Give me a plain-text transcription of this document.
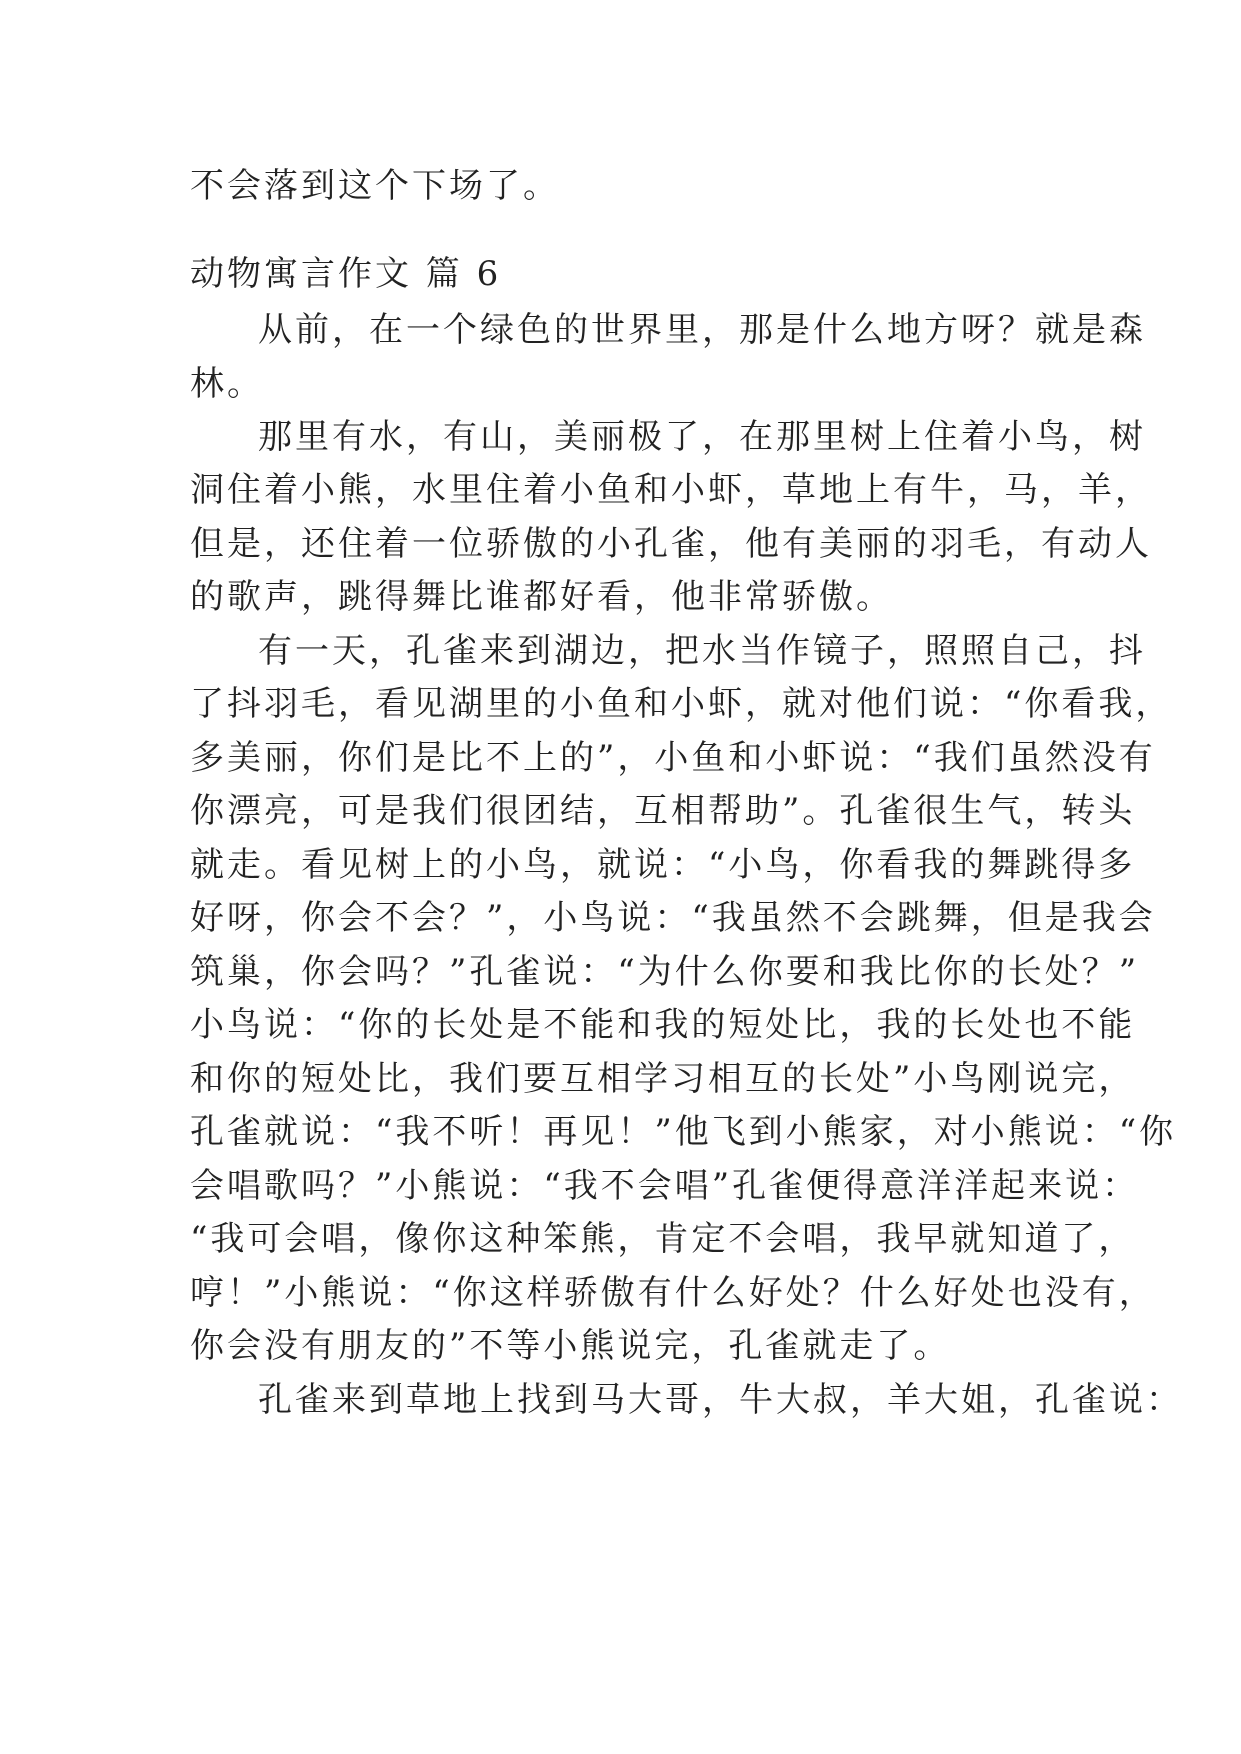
不会落到这个下场了。
动物寓言作文 篇 6
从前，在一个绿色的世界里，那是什么地方呀？就是森
林。
那里有水，有山，美丽极了，在那里树上住着小鸟，树
洞住着小熊，水里住着小鱼和小虾，草地上有牛，马，羊，
但是，还住着一位骄傲的小孔雀，他有美丽的羽毛，有动人
的歌声，跳得舞比谁都好看，他非常骄傲。
有一天，孔雀来到湖边，把水当作镜子，照照自己，抖
了抖羽毛，看见湖里的小鱼和小虾，就对他们说：“你看我，
多美丽，你们是比不上的”，小鱼和小虾说：“我们虽然没有
你漂亮，可是我们很团结，互相帮助”。孔雀很生气，转头
就走。看见树上的小鸟，就说：“小鸟，你看我的舞跳得多
好呀，你会不会？”，小鸟说：“我虽然不会跳舞，但是我会
筑巢，你会吗？”孔雀说：“为什么你要和我比你的长处？”
小鸟说：“你的长处是不能和我的短处比，我的长处也不能
和你的短处比，我们要互相学习相互的长处”小鸟刚说完，
孔雀就说：“我不听！再见！”他飞到小熊家，对小熊说：“你
会唱歌吗？”小熊说：“我不会唱”孔雀便得意洋洋起来说：
“我可会唱，像你这种笨熊，肯定不会唱，我早就知道了，
哼！”小熊说：“你这样骄傲有什么好处？什么好处也没有，
你会没有朋友的”不等小熊说完，孔雀就走了。
孔雀来到草地上找到马大哥，牛大叔，羊大姐，孔雀说：
